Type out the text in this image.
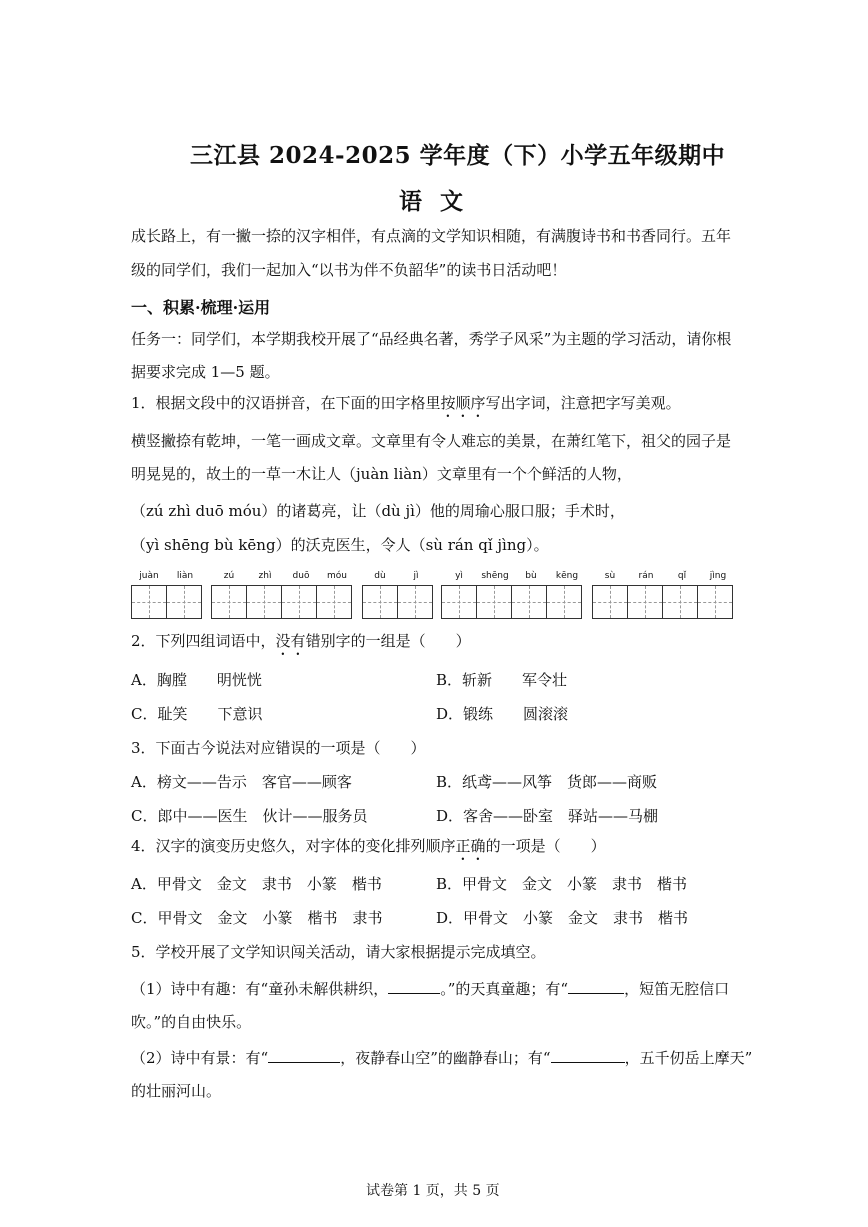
三江县 2024-2025 学年度（下）小学五年级期中
语文
成长路上，有一撇一捺的汉字相伴，有点滴的文学知识相随，有满腹诗书和书香同行。五年
级的同学们，我们一起加入“以书为伴不负韶华”的读书日活动吧！
一、积累·梳理·运用
任务一：同学们，本学期我校开展了“品经典名著，秀学子风采”为主题的学习活动，请你根
据要求完成 1—5 题。
1．根据文段中的汉语拼音，在下面的田字格里按顺序写出字词，注意把字写美观。
横竖撇捺有乾坤，一笔一画成文章。文章里有令人难忘的美景，在萧红笔下，祖父的园子是
明晃晃的，故土的一草一木让人（juàn liàn）文章里有一个个鲜活的人物，
（zú zhì duō móu）的诸葛亮，让（dù jì）他的周瑜心服口服；手术时，
（yì shēng bù kēng）的沃克医生，令人（sù rán qǐ jìng）。
juàn	liàn	zú	zhì	duō	móu	dù	jì	yì	shēng	bù	kēng	sù	rán	qǐ	jìng
2．下列四组词语中，没有错别字的一组是（　　）
A．胸膛　　明恍恍	B．斩新　　军令壮
C．耻笑　　下意识	D．锻练　　圆滚滚
3．下面古今说法对应错误的一项是（　　）
A．榜文——告示　客官——顾客	B．纸鸢——风筝　货郎——商贩
C．郎中——医生　伙计——服务员	D．客舍——卧室　驿站——马棚
4．汉字的演变历史悠久，对字体的变化排列顺序正确的一项是（　　）
A．甲骨文　金文　隶书　小篆　楷书	B．甲骨文　金文　小篆　隶书　楷书
C．甲骨文　金文　小篆　楷书　隶书	D．甲骨文　小篆　金文　隶书　楷书
5．学校开展了文学知识闯关活动，请大家根据提示完成填空。
（1）诗中有趣：有“童孙未解供耕织，	。”的天真童趣；有“	，短笛无腔信口
吹。”的自由快乐。
（2）诗中有景：有“	，夜静春山空”的幽静春山；有“	，五千仞岳上摩天”
的壮丽河山。
试卷第 1 页，共 5 页
